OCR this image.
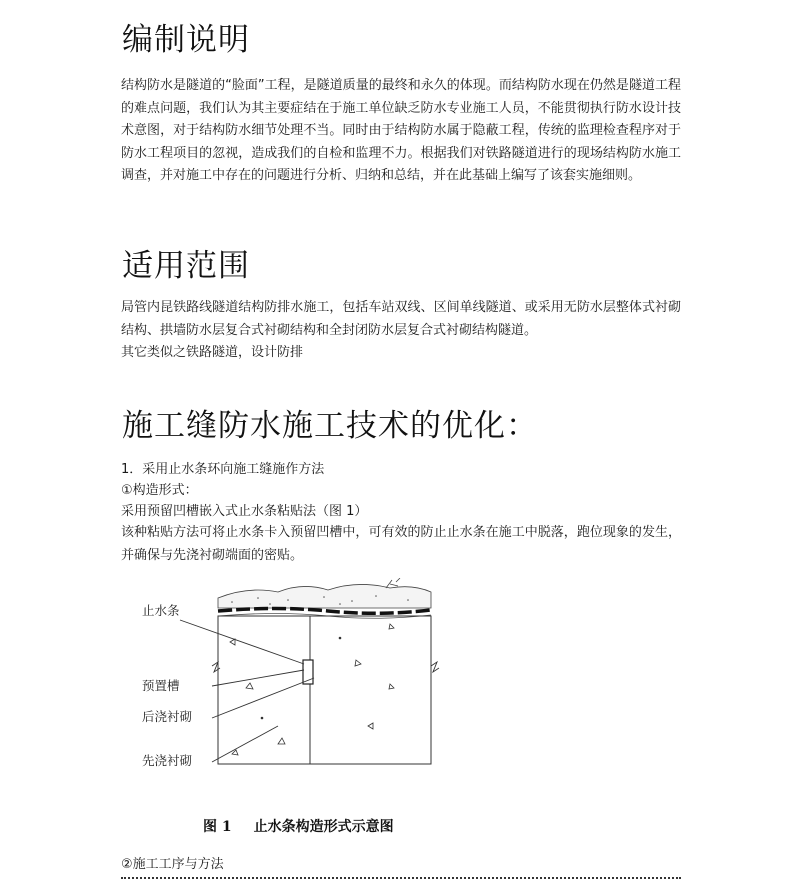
编制说明

结构防水是隧道的“脸面”工程，是隧道质量的最终和永久的体现。而结构防水现在仍然是隧道工程的难点问题，我们认为其主要症结在于施工单位缺乏防水专业施工人员，不能贯彻执行防水设计技术意图，对于结构防水细节处理不当。同时由于结构防水属于隐蔽工程，传统的监理检查程序对于防水工程项目的忽视，造成我们的自检和监理不力。根据我们对铁路隧道进行的现场结构防水施工调查，并对施工中存在的问题进行分析、归纳和总结，并在此基础上编写了该套实施细则。

适用范围

局管内昆铁路线隧道结构防排水施工，包括车站双线、区间单线隧道、或采用无防水层整体式衬砌结构、拱墙防水层复合式衬砌结构和全封闭防水层复合式衬砌结构隧道。

其它类似之铁路隧道，设计防排

施工缝防水施工技术的优化：
1．采用止水条环向施工缝施作方法
①构造形式：
采用预留凹槽嵌入式止水条粘贴法（图 1）

该种粘贴方法可将止水条卡入预留凹槽中，可有效的防止止水条在施工中脱落，跑位现象的发生，并确保与先浇衬砌端面的密贴。

止水条
预置槽
后浇衬砌
先浇衬砌
图 1 止水条构造形式示意图
②施工工序与方法
